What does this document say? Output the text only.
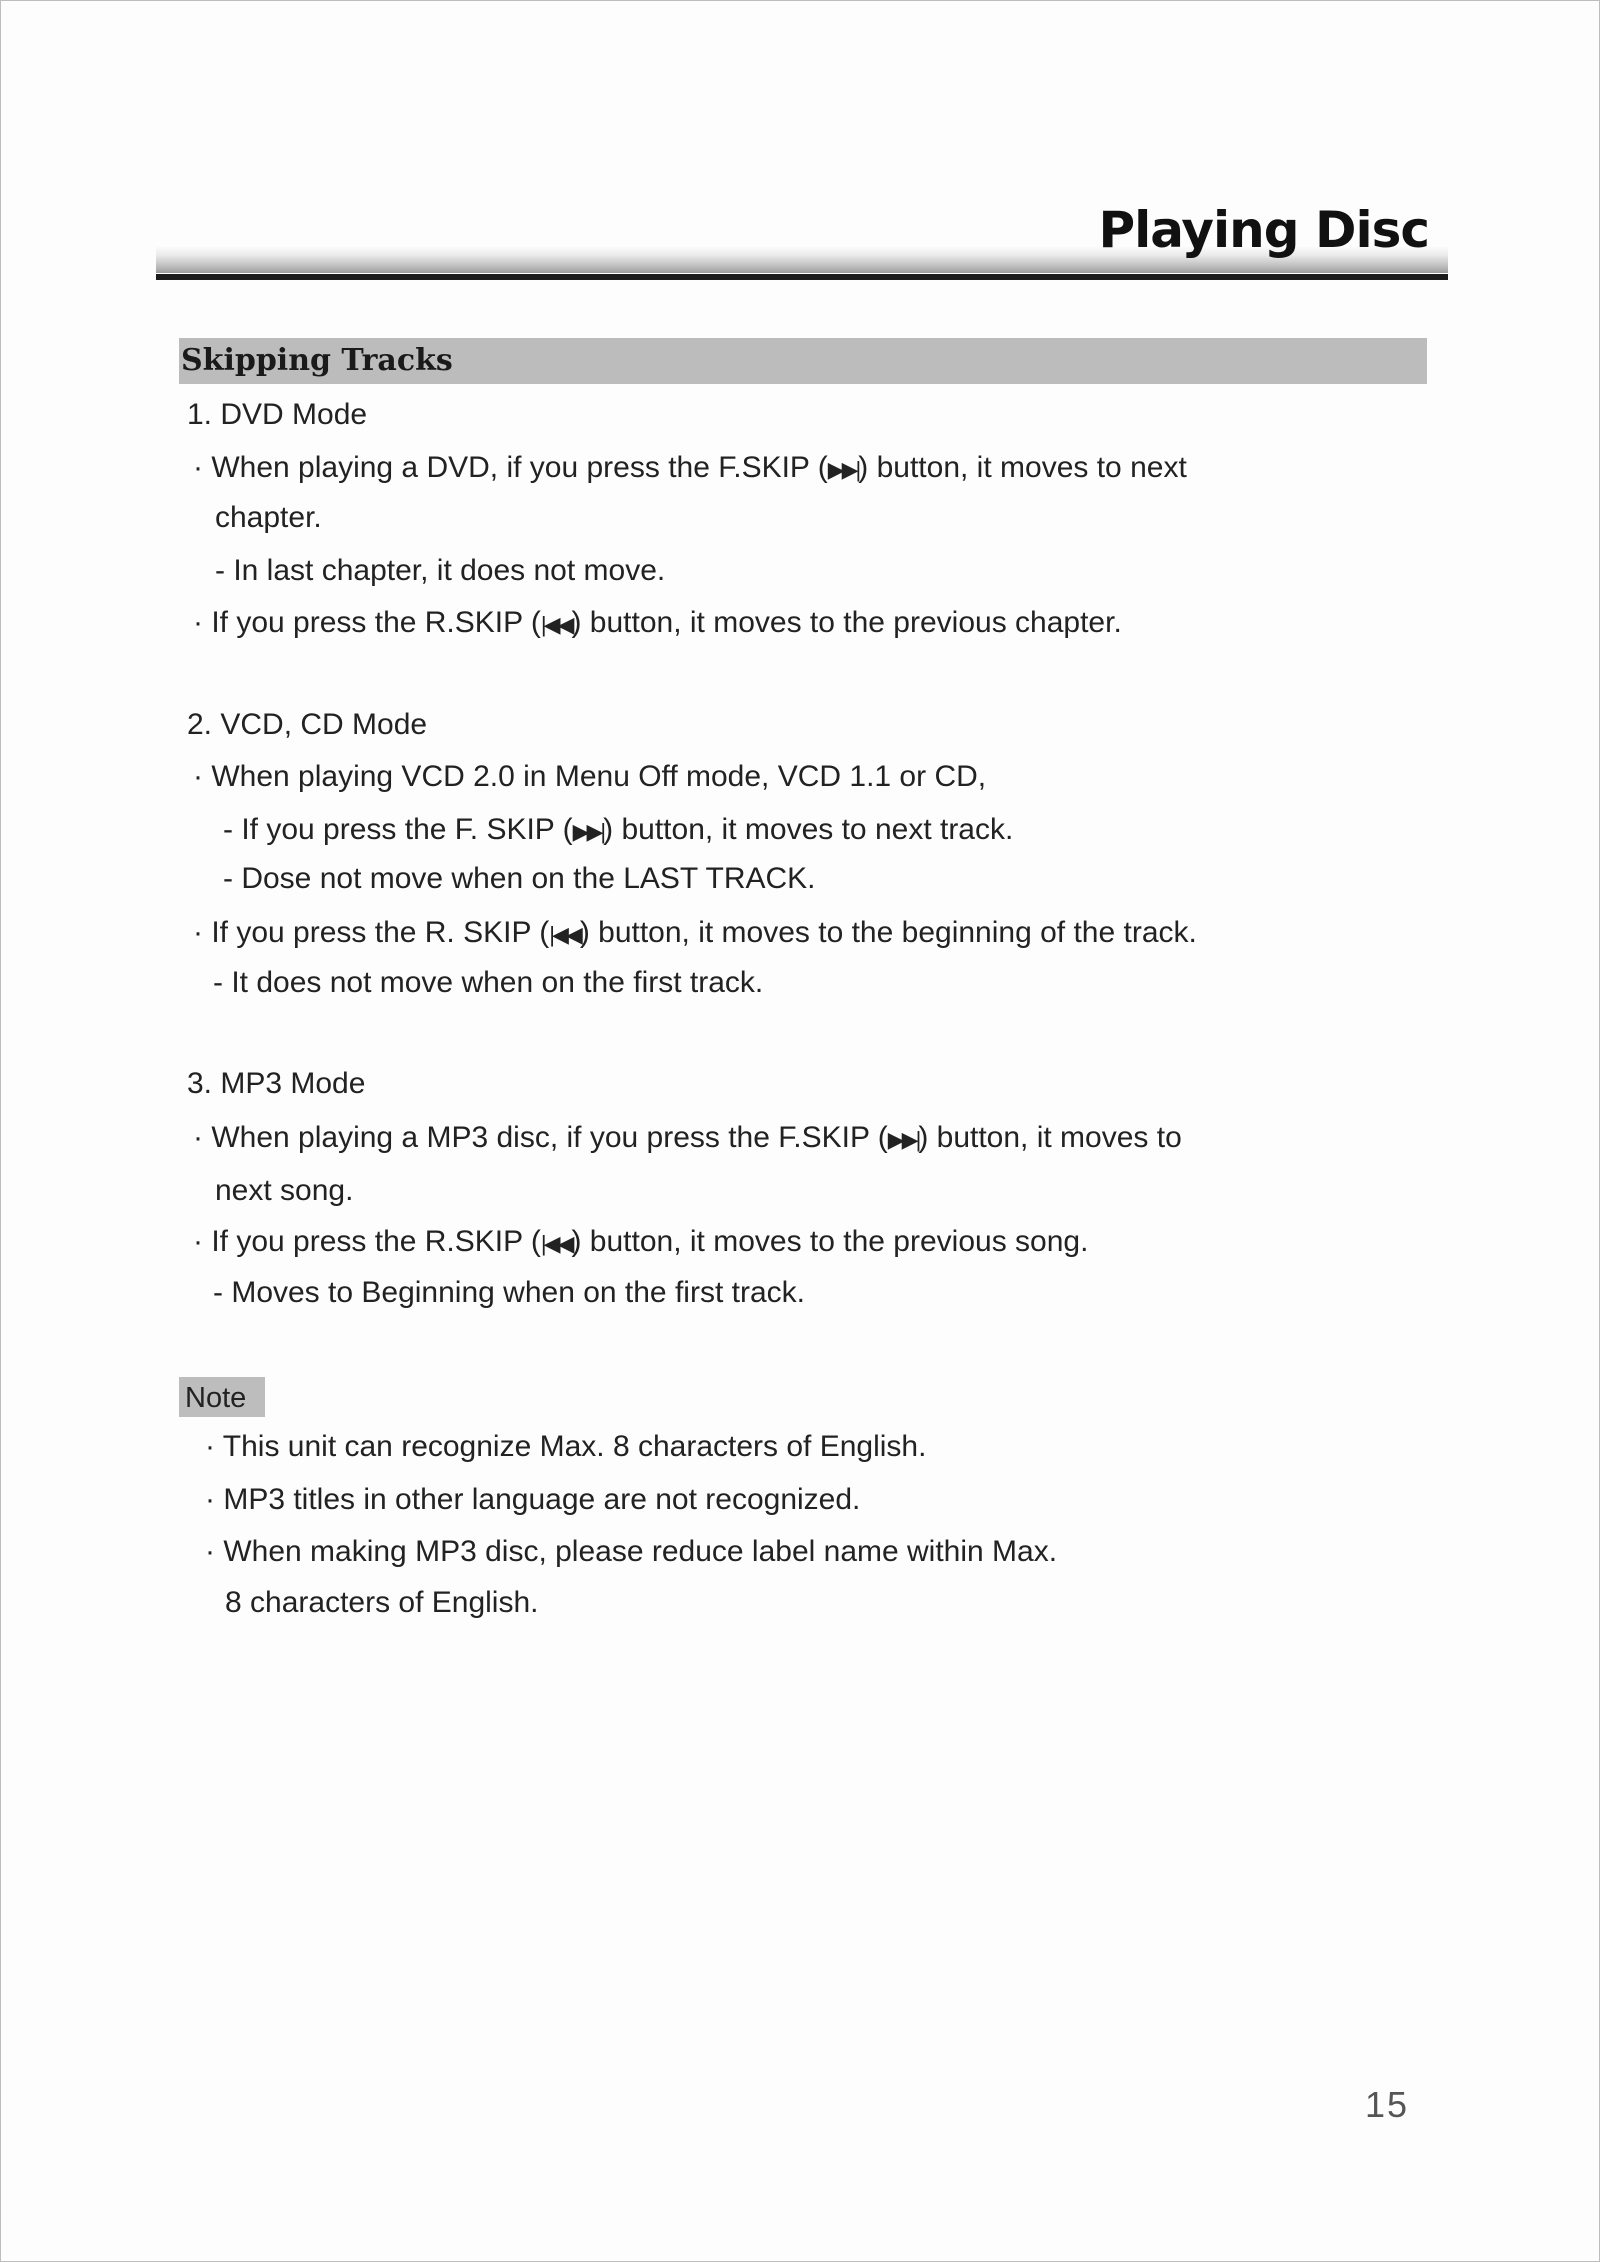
Playing Disc
Skipping Tracks
1. DVD Mode
· When playing a DVD, if you press the F.SKIP (▶▶|) button, it moves to next
chapter.
- In last chapter, it does not move.
· If you press the R.SKIP (|◀◀) button, it moves to the previous chapter.
2. VCD, CD Mode
· When playing VCD 2.0 in Menu Off mode, VCD 1.1 or CD,
- If you press the F. SKIP (▶▶|) button, it moves to next track.
- Dose not move when on the LAST TRACK.
· If you press the R. SKIP (|◀◀) button, it moves to the beginning of the track.
- It does not move when on the first track.
3. MP3 Mode
· When playing a MP3 disc, if you press the F.SKIP (▶▶|) button, it moves to
next song.
· If you press the R.SKIP (|◀◀) button, it moves to the previous song.
- Moves to Beginning when on the first track.
Note
· This unit can recognize Max. 8 characters of English.
· MP3 titles in other language are not recognized.
· When making MP3 disc, please reduce label name within Max.
8 characters of English.
15
